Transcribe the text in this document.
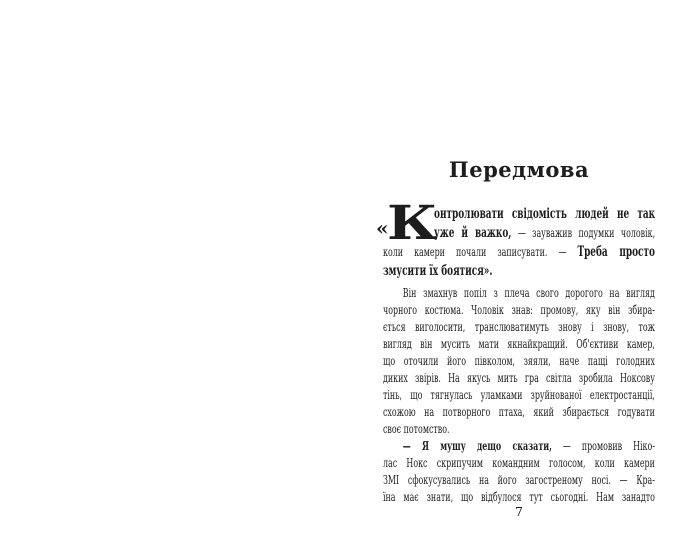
Передмова
онтролювати свідомість людей не так
уже й важко, — зауважив подумки чоловік,
коли камери почали записувати. — Треба просто
змусити їх боятися».
«
К
Він змахнув попіл з плеча свого дорогого на вигляд
чорного костюма. Чоловік знав: промову, яку він збира-
ється виголосити, транслюватимуть знову і знову, тож
вигляд він мусить мати якнайкращий. Об'єктиви камер,
що оточили його півколом, зяяли, наче пащі голодних
диких звірів. На якусь мить гра світла зробила Ноксову
тінь, що тягнулась уламками зруйнованої електростанції,
схожою на потворного птаха, який збирається годувати
своє потомство.
— Я мушу дещо сказати, — промовив Ніко-
лас Нокс скрипучим командним голосом, коли камери
ЗМІ сфокусувались на його загостреному носі. — Кра-
їна має знати, що відбулося тут сьогодні. Нам занадто
7
